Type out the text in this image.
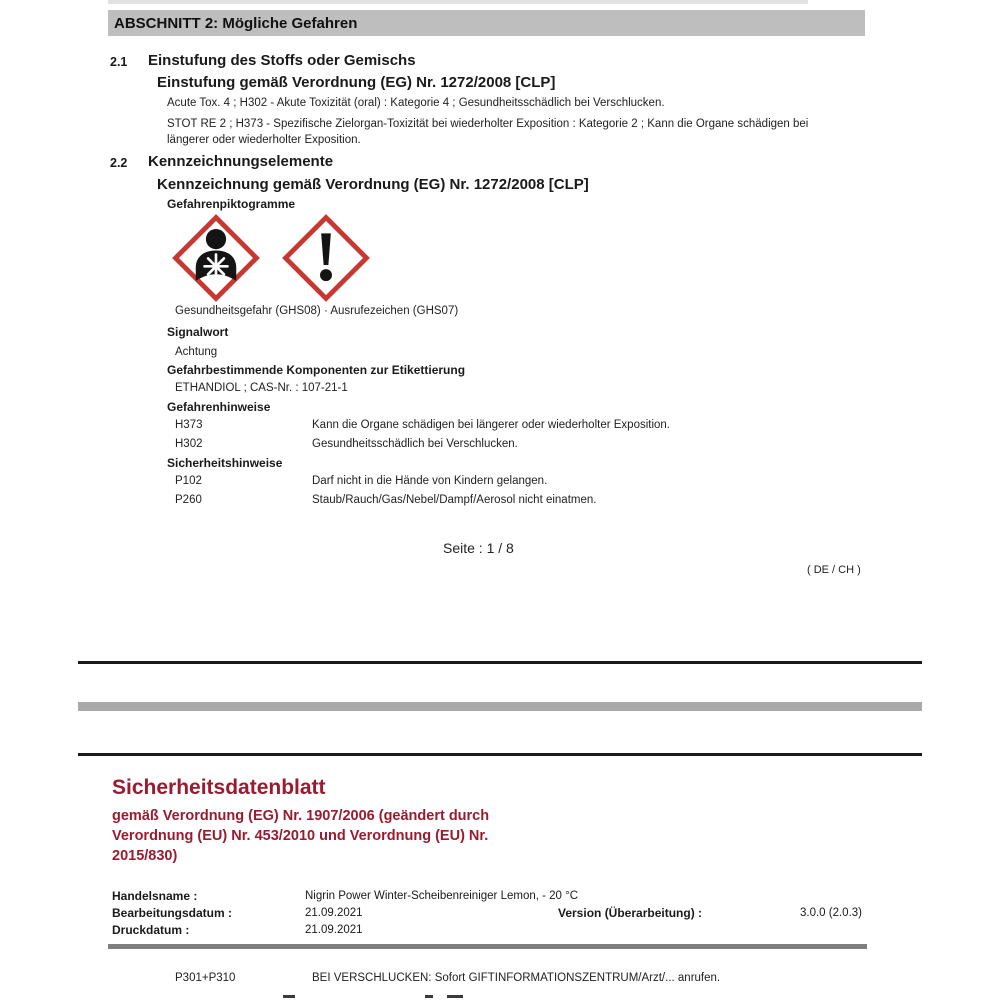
ABSCHNITT 2: Mögliche Gefahren
2.1 Einstufung des Stoffs oder Gemischs
Einstufung gemäß Verordnung (EG) Nr. 1272/2008 [CLP]
Acute Tox. 4 ; H302 - Akute Toxizität (oral) : Kategorie 4 ; Gesundheitsschädlich bei Verschlucken.
STOT RE 2 ; H373 - Spezifische Zielorgan-Toxizität bei wiederholter Exposition : Kategorie 2 ; Kann die Organe schädigen bei längerer oder wiederholter Exposition.
2.2 Kennzeichnungselemente
Kennzeichnung gemäß Verordnung (EG) Nr. 1272/2008 [CLP]
Gefahrenpiktogramme
Gesundheitsgefahr (GHS08) · Ausrufezeichen (GHS07)
Signalwort
Achtung
Gefahrbestimmende Komponenten zur Etikettierung
ETHANDIOL ; CAS-Nr. : 107-21-1
Gefahrenhinweise
H373	Kann die Organe schädigen bei längerer oder wiederholter Exposition.
H302	Gesundheitsschädlich bei Verschlucken.
Sicherheitshinweise
P102	Darf nicht in die Hände von Kindern gelangen.
P260	Staub/Rauch/Gas/Nebel/Dampf/Aerosol nicht einatmen.
Seite : 1 / 8
( DE / CH )
Sicherheitsdatenblatt
gemäß Verordnung (EG) Nr. 1907/2006 (geändert durch
Verordnung (EU) Nr. 453/2010 und Verordnung (EU) Nr.
2015/830)
Handelsname :	Nigrin Power Winter-Scheibenreiniger Lemon, - 20 °C
Bearbeitungsdatum :	21.09.2021	Version (Überarbeitung) :	3.0.0 (2.0.3)
Druckdatum :	21.09.2021
P301+P310	BEI VERSCHLUCKEN: Sofort GIFTINFORMATIONSZENTRUM/Arzt/... anrufen.
